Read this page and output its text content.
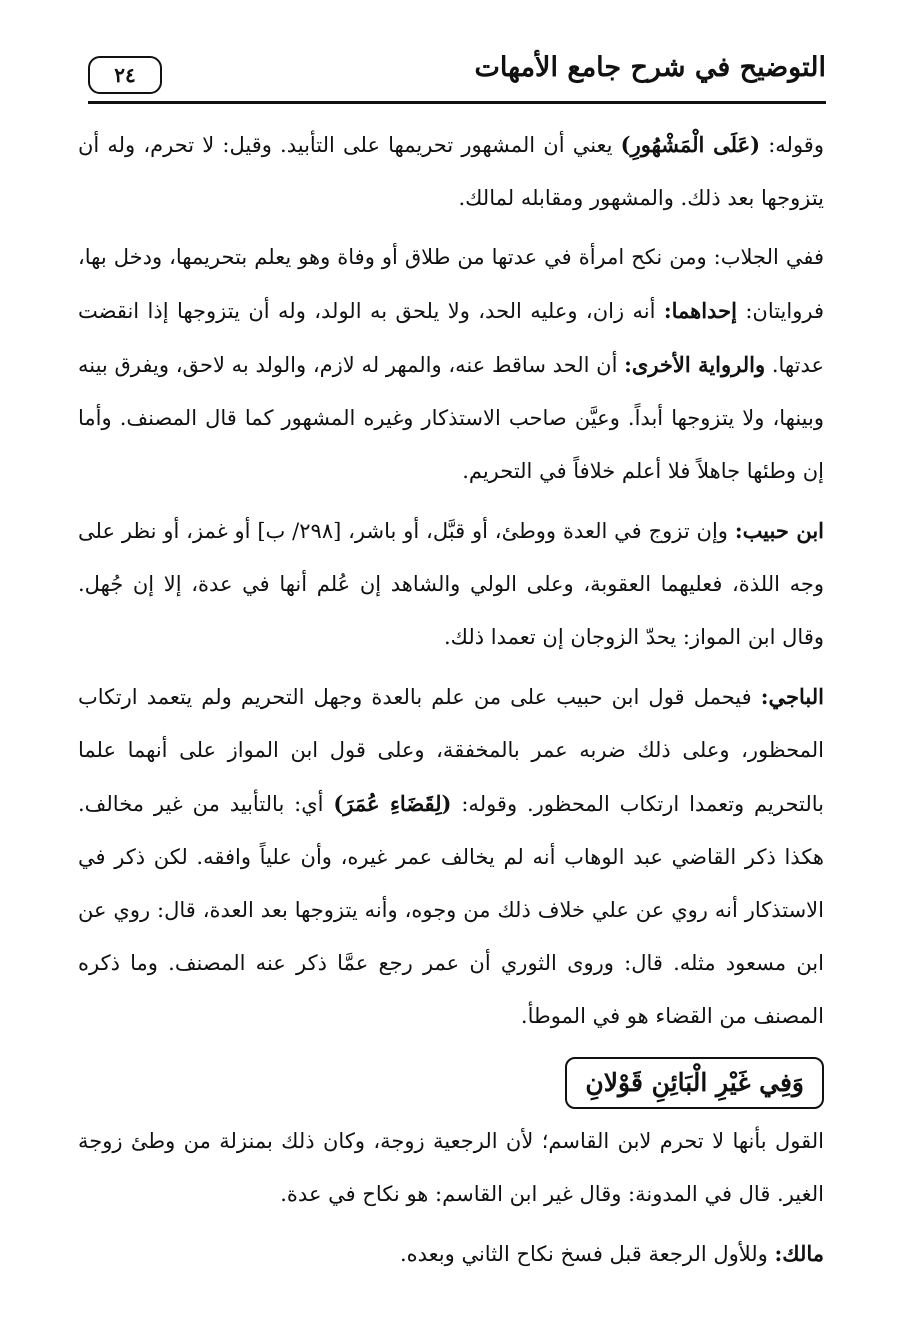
٢٤	التوضيح في شرح جامع الأمهات

وقوله: (عَلَى الْمَشْهُورِ) يعني أن المشهور تحريمها على التأبيد. وقيل: لا تحرم، وله أن يتزوجها بعد ذلك. والمشهور ومقابله لمالك.

ففي الجلاب: ومن نكح امرأة في عدتها من طلاق أو وفاة وهو يعلم بتحريمها، ودخل بها، فروايتان: إحداهما: أنه زان، وعليه الحد، ولا يلحق به الولد، وله أن يتزوجها إذا انقضت عدتها. والرواية الأخرى: أن الحد ساقط عنه، والمهر له لازم، والولد به لاحق، ويفرق بينه وبينها، ولا يتزوجها أبداً. وعيَّن صاحب الاستذكار وغيره المشهور كما قال المصنف. وأما إن وطئها جاهلاً فلا أعلم خلافاً في التحريم.

ابن حبيب: وإن تزوج في العدة ووطئ، أو قبَّل، أو باشر، [٢٩٨/ ب] أو غمز، أو نظر على وجه اللذة، فعليهما العقوبة، وعلى الولي والشاهد إن عُلم أنها في عدة، إلا إن جُهل. وقال ابن المواز: يحدّ الزوجان إن تعمدا ذلك.

الباجي: فيحمل قول ابن حبيب على من علم بالعدة وجهل التحريم ولم يتعمد ارتكاب المحظور، وعلى ذلك ضربه عمر بالمخفقة، وعلى قول ابن المواز على أنهما علما بالتحريم وتعمدا ارتكاب المحظور. وقوله: (لِقَضَاءِ عُمَرَ) أي: بالتأبيد من غير مخالف. هكذا ذكر القاضي عبد الوهاب أنه لم يخالف عمر غيره، وأن علياً وافقه. لكن ذكر في الاستذكار أنه روي عن علي خلاف ذلك من وجوه، وأنه يتزوجها بعد العدة، قال: روي عن ابن مسعود مثله. قال: وروى الثوري أن عمر رجع عمَّا ذكر عنه المصنف. وما ذكره المصنف من القضاء هو في الموطأ.

وَفِي غَيْرِ الْبَائِنِ قَوْلانِ

القول بأنها لا تحرم لابن القاسم؛ لأن الرجعية زوجة، وكان ذلك بمنزلة من وطئ زوجة الغير. قال في المدونة: وقال غير ابن القاسم: هو نكاح في عدة.

مالك: وللأول الرجعة قبل فسخ نكاح الثاني وبعده.
